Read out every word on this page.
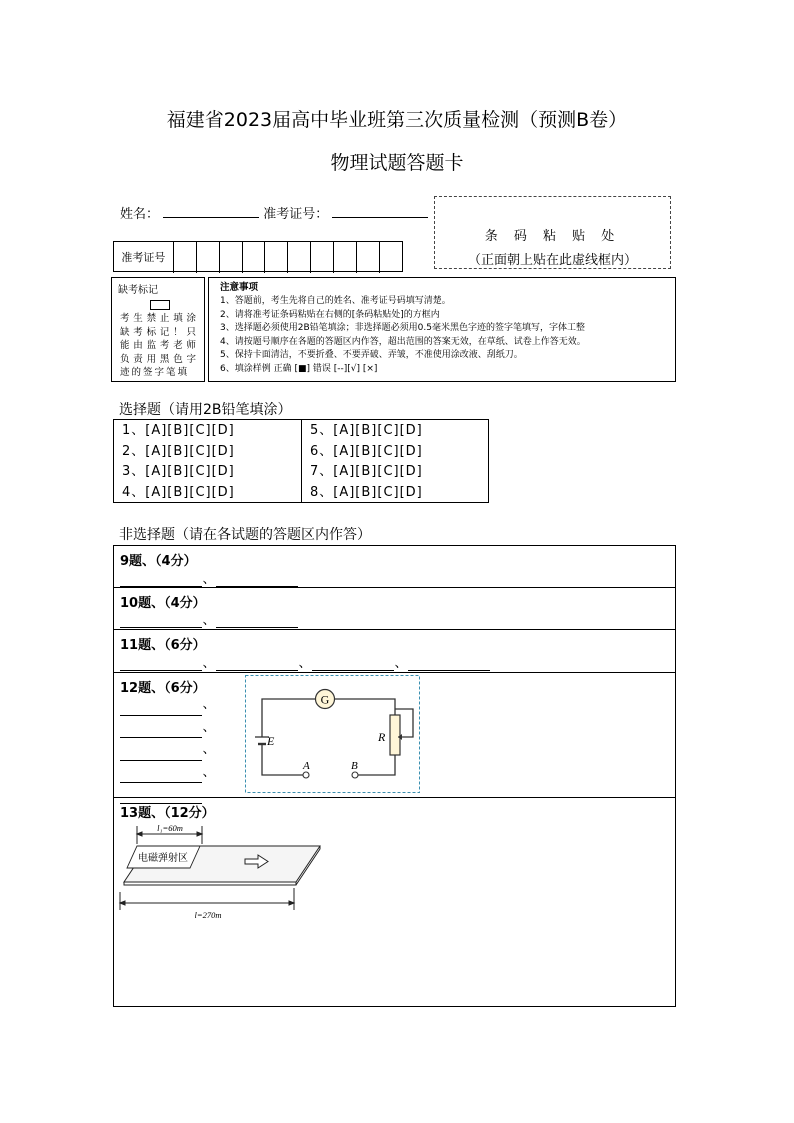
福建省2023届高中毕业班第三次质量检测（预测B卷）
物理试题答题卡
姓名：	准考证号：
准考证号
条 码 粘 贴 处
（正面朝上贴在此虚线框内）
缺考标记
考生禁止填涂缺考标记！只能由监考老师负责用黑色字迹的签字笔填
注意事项
1、答题前，考生先将自己的姓名、准考证号码填写清楚。
2、请将准考证条码粘贴在右侧的[条码粘贴处]的方框内
3、选择题必须使用2B铅笔填涂；非选择题必须用0.5毫米黑色字迹的签字笔填写，字体工整
4、请按题号顺序在各题的答题区内作答，超出范围的答案无效，在草纸、试卷上作答无效。
5、保持卡面清洁，不要折叠、不要弄破、弄皱，不准使用涂改液、刮纸刀。
6、填涂样例 正确 [■] 错误 [--][√] [×]
选择题（请用2B铅笔填涂）
1、[A][B][C][D]
2、[A][B][C][D]
3、[A][B][C][D]
4、[A][B][C][D]
5、[A][B][C][D]
6、[A][B][C][D]
7、[A][B][C][D]
8、[A][B][C][D]
非选择题（请在各试题的答题区内作答）
9题、（4分）
、
10题、（4分）
、
11题、（6分）
、	、	、
12题、（6分）
、
、
、
、
G
E	R
A	B
13题、（12分）
电磁弹射区
l₁=60m
l=270m
